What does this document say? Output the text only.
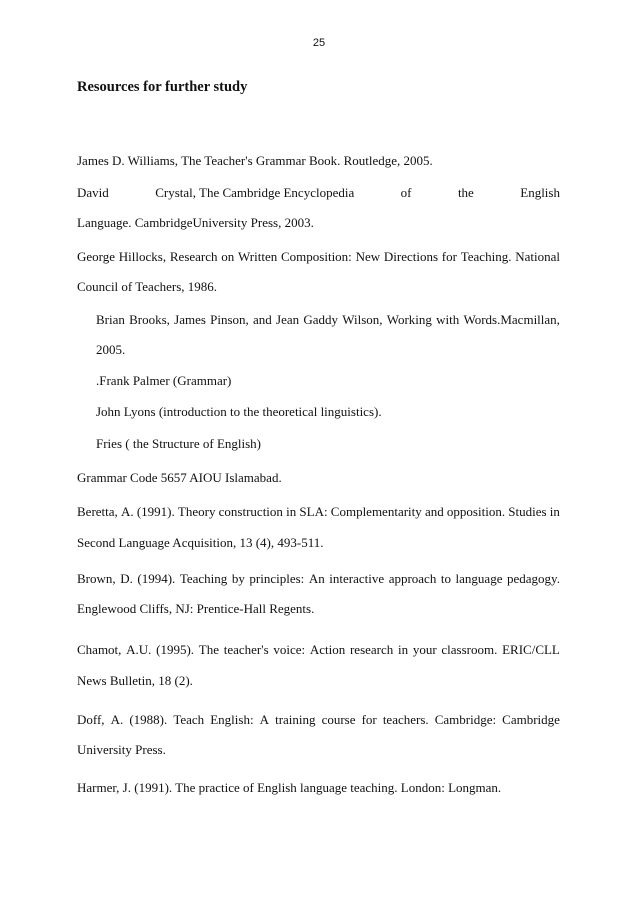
25
Resources for further study
James D. Williams, The Teacher's Grammar Book. Routledge, 2005.
David	Crystal, The Cambridge Encyclopedia	of	the	English
Language. CambridgeUniversity Press, 2003.
George Hillocks, Research on Written Composition: New Directions for Teaching. National
Council of Teachers, 1986.
Brian Brooks, James Pinson, and Jean Gaddy Wilson, Working with Words.Macmillan,
2005.
.Frank Palmer (Grammar)
John Lyons (introduction to the theoretical linguistics).
Fries ( the Structure of English)
Grammar Code 5657 AIOU Islamabad.
Beretta, A. (1991). Theory construction in SLA: Complementarity and opposition. Studies in
Second Language Acquisition, 13 (4), 493-511.
Brown, D. (1994). Teaching by principles: An interactive approach to language pedagogy.
Englewood Cliffs, NJ: Prentice-Hall Regents.
Chamot, A.U. (1995). The teacher's voice: Action research in your classroom. ERIC/CLL
News Bulletin, 18 (2).
Doff, A. (1988). Teach English: A training course for teachers. Cambridge: Cambridge
University Press.
Harmer, J. (1991). The practice of English language teaching. London: Longman.
